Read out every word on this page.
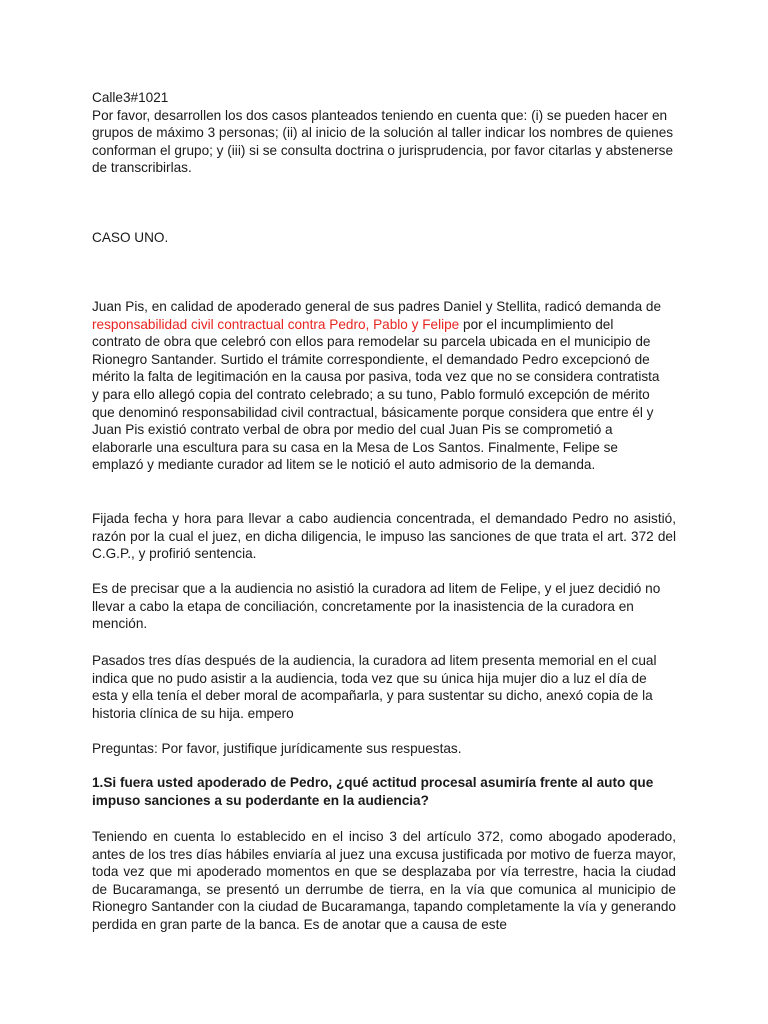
Calle3#1021
Por favor, desarrollen los dos casos planteados teniendo en cuenta que: (i) se pueden hacer en grupos de máximo 3 personas; (ii) al inicio de la solución al taller indicar los nombres de quienes conforman el grupo; y (iii) si se consulta doctrina o jurisprudencia, por favor citarlas y abstenerse de transcribirlas.
CASO UNO.
Juan Pis, en calidad de apoderado general de sus padres Daniel y Stellita, radicó demanda de responsabilidad civil contractual contra Pedro, Pablo y Felipe por el incumplimiento del contrato de obra que celebró con ellos para remodelar su parcela ubicada en el municipio de Rionegro Santander. Surtido el trámite correspondiente, el demandado Pedro excepcionó de mérito la falta de legitimación en la causa por pasiva, toda vez que no se considera contratista y para ello allegó copia del contrato celebrado; a su tuno, Pablo formuló excepción de mérito que denominó responsabilidad civil contractual, básicamente porque considera que entre él y Juan Pis existió contrato verbal de obra por medio del cual Juan Pis se comprometió a elaborarle una escultura para su casa en la Mesa de Los Santos. Finalmente, Felipe se emplazó y mediante curador ad litem se le notició el auto admisorio de la demanda.
Fijada fecha y hora para llevar a cabo audiencia concentrada, el demandado Pedro no asistió, razón por la cual el juez, en dicha diligencia, le impuso las sanciones de que trata el art. 372 del C.G.P., y profirió sentencia.
Es de precisar que a la audiencia no asistió la curadora ad litem de Felipe, y el juez decidió no llevar a cabo la etapa de conciliación, concretamente por la inasistencia de la curadora en mención.
Pasados tres días después de la audiencia, la curadora ad litem presenta memorial en el cual indica que no pudo asistir a la audiencia, toda vez que su única hija mujer dio a luz el día de esta y ella tenía el deber moral de acompañarla, y para sustentar su dicho, anexó copia de la historia clínica de su hija. empero
Preguntas: Por favor, justifique jurídicamente sus respuestas.
1.Si fuera usted apoderado de Pedro, ¿qué actitud procesal asumiría frente al auto que impuso sanciones a su poderdante en la audiencia?
Teniendo en cuenta lo establecido en el inciso 3 del artículo 372, como abogado apoderado, antes de los tres días hábiles enviaría al juez una excusa justificada por motivo de fuerza mayor, toda vez que mi apoderado momentos en que se desplazaba por vía terrestre, hacia la ciudad de Bucaramanga, se presentó un derrumbe de tierra, en la vía que comunica al municipio de Rionegro Santander con la ciudad de Bucaramanga, tapando completamente la vía y generando perdida en gran parte de la banca. Es de anotar que a causa de este
